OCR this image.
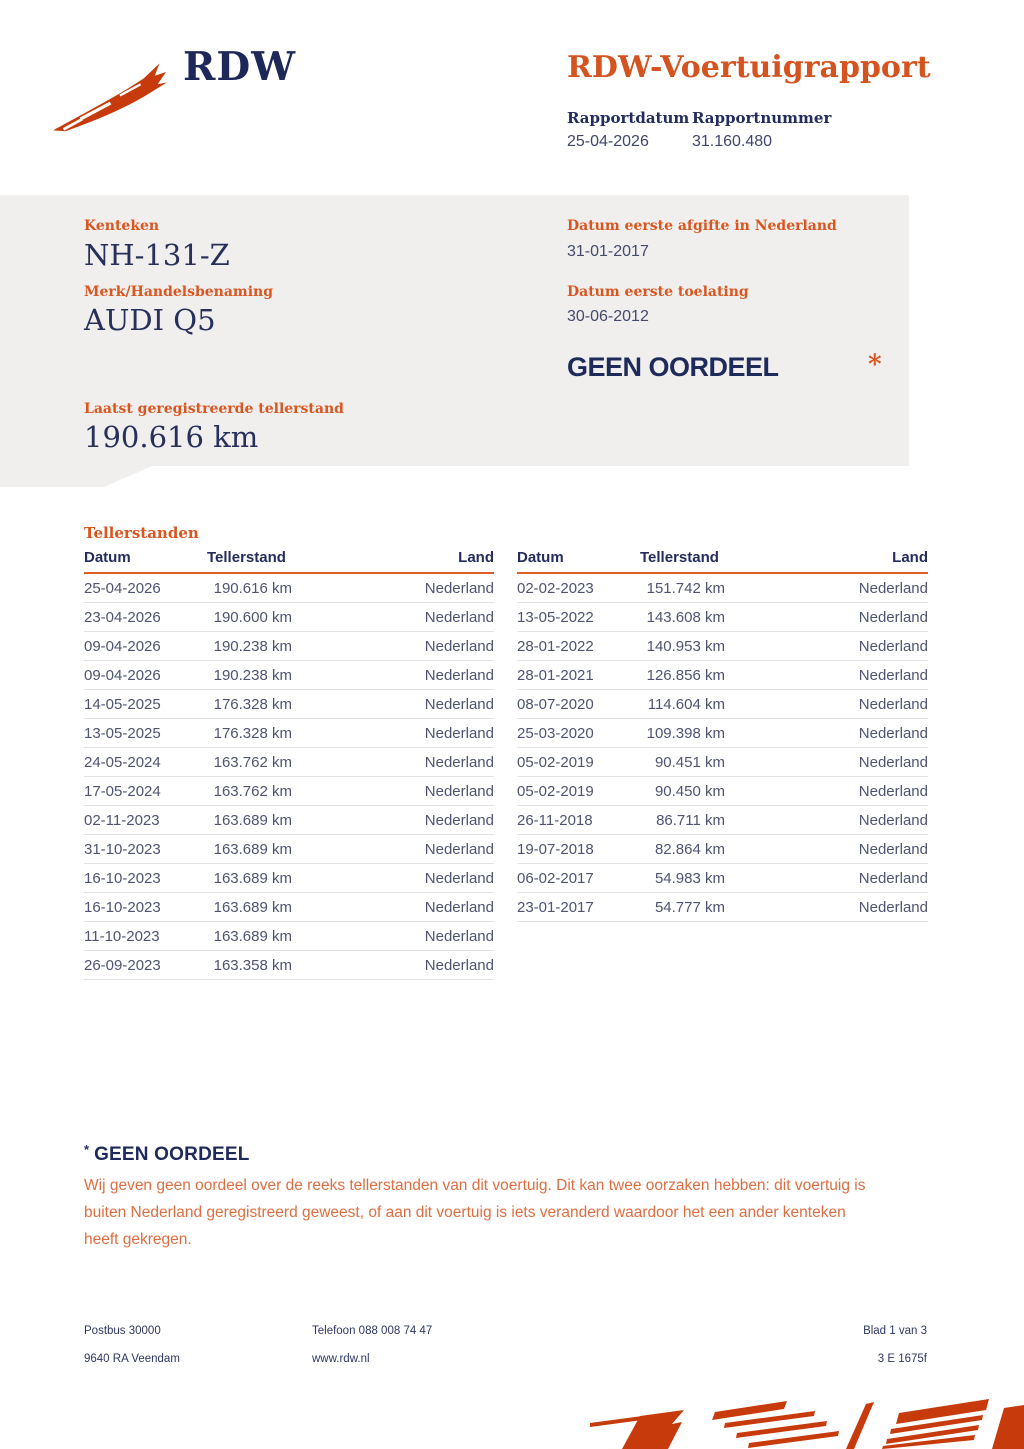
RDW	RDW-Voertuigrapport
Rapportdatum Rapportnummer
25-04-2026	31.160.480
Kenteken
NH-131-Z
Merk/Handelsbenaming
AUDI Q5
Datum eerste afgifte in Nederland
31-01-2017
Datum eerste toelating
30-06-2012
GEEN OORDEEL	*
Laatst geregistreerde tellerstand
190.616 km
Tellerstanden
Datum	Tellerstand	Land
25-04-2026	190.616 km	Nederland
23-04-2026	190.600 km	Nederland
09-04-2026	190.238 km	Nederland
09-04-2026	190.238 km	Nederland
14-05-2025	176.328 km	Nederland
13-05-2025	176.328 km	Nederland
24-05-2024	163.762 km	Nederland
17-05-2024	163.762 km	Nederland
02-11-2023	163.689 km	Nederland
31-10-2023	163.689 km	Nederland
16-10-2023	163.689 km	Nederland
16-10-2023	163.689 km	Nederland
11-10-2023	163.689 km	Nederland
26-09-2023	163.358 km	Nederland
Datum	Tellerstand	Land
02-02-2023	151.742 km	Nederland
13-05-2022	143.608 km	Nederland
28-01-2022	140.953 km	Nederland
28-01-2021	126.856 km	Nederland
08-07-2020	114.604 km	Nederland
25-03-2020	109.398 km	Nederland
05-02-2019	90.451 km	Nederland
05-02-2019	90.450 km	Nederland
26-11-2018	86.711 km	Nederland
19-07-2018	82.864 km	Nederland
06-02-2017	54.983 km	Nederland
23-01-2017	54.777 km	Nederland
* GEEN OORDEEL
Wij geven geen oordeel over de reeks tellerstanden van dit voertuig. Dit kan twee oorzaken hebben: dit voertuig is buiten Nederland geregistreerd geweest, of aan dit voertuig is iets veranderd waardoor het een ander kenteken heeft gekregen.
Postbus 30000
9640 RA Veendam
Telefoon 088 008 74 47
www.rdw.nl
Blad 1 van 3
3 E 1675f
